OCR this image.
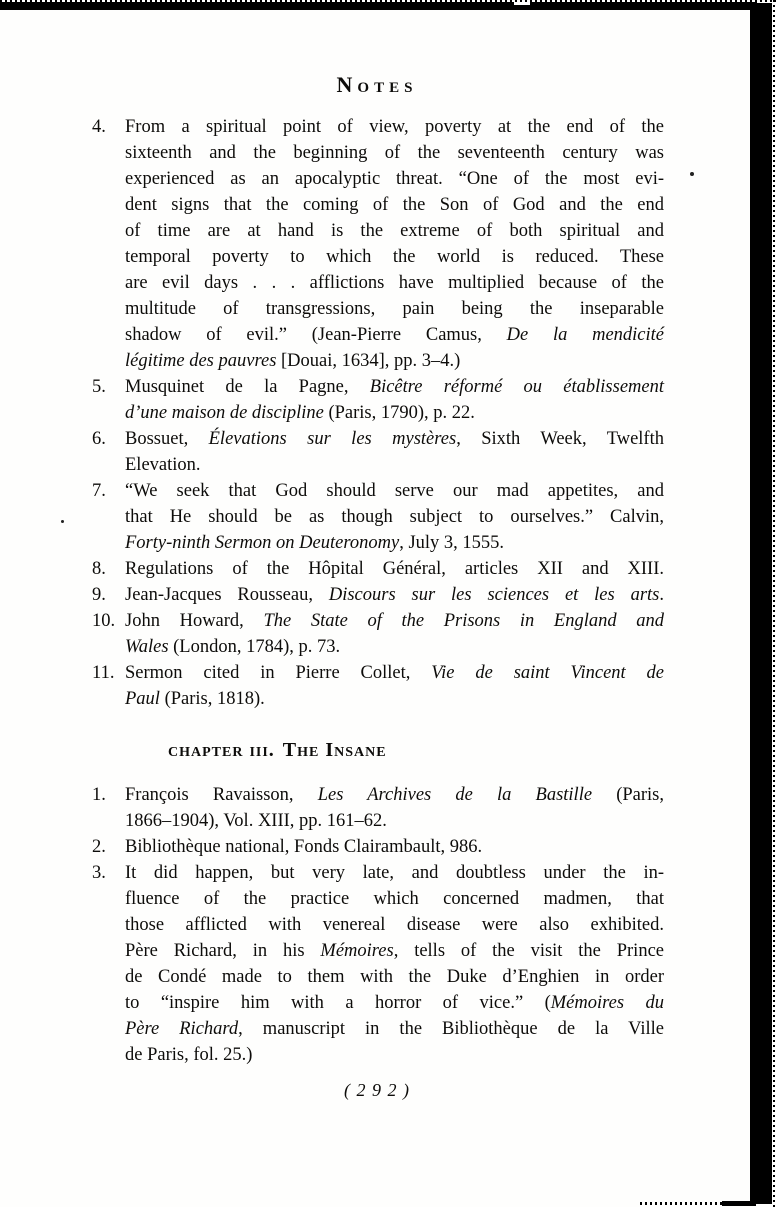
Notes
4. From a spiritual point of view, poverty at the end of the
sixteenth and the beginning of the seventeenth century was
experienced as an apocalyptic threat. “One of the most evi-
dent signs that the coming of the Son of God and the end
of time are at hand is the extreme of both spiritual and
temporal poverty to which the world is reduced. These
are evil days . . . afflictions have multiplied because of the
multitude of transgressions, pain being the inseparable
shadow of evil.” (Jean-Pierre Camus, De la mendicité
légitime des pauvres [Douai, 1634], pp. 3–4.)
5. Musquinet de la Pagne, Bicêtre réformé ou établissement
d’une maison de discipline (Paris, 1790), p. 22.
6. Bossuet, Élevations sur les mystères, Sixth Week, Twelfth
Elevation.
7. “We seek that God should serve our mad appetites, and
that He should be as though subject to ourselves.” Calvin,
Forty-ninth Sermon on Deuteronomy, July 3, 1555.
8. Regulations of the Hôpital Général, articles XII and XIII.
9. Jean-Jacques Rousseau, Discours sur les sciences et les arts.
10. John Howard, The State of the Prisons in England and
Wales (London, 1784), p. 73.
11. Sermon cited in Pierre Collet, Vie de saint Vincent de
Paul (Paris, 1818).
chapter iii. The Insane
1. François Ravaisson, Les Archives de la Bastille (Paris,
1866–1904), Vol. XIII, pp. 161–62.
2. Bibliothèque national, Fonds Clairambault, 986.
3. It did happen, but very late, and doubtless under the in-
fluence of the practice which concerned madmen, that
those afflicted with venereal disease were also exhibited.
Père Richard, in his Mémoires, tells of the visit the Prince
de Condé made to them with the Duke d’Enghien in order
to “inspire him with a horror of vice.” (Mémoires du
Père Richard, manuscript in the Bibliothèque de la Ville
de Paris, fol. 25.)
( 2 9 2 )
